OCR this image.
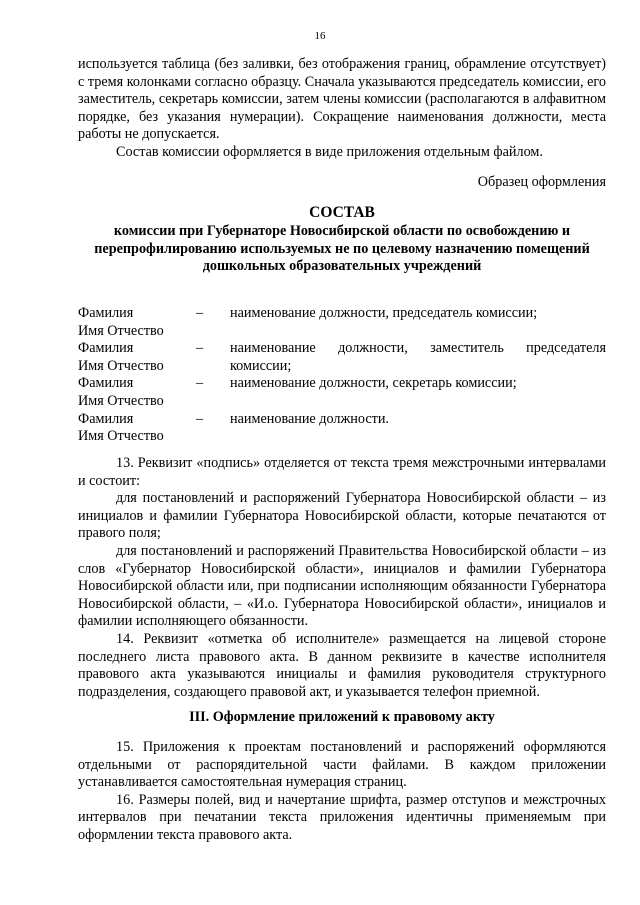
16

используется таблица (без заливки, без отображения границ, обрамление отсутствует) с тремя колонками согласно образцу. Сначала указываются председатель комиссии, его заместитель, секретарь комиссии, затем члены комиссии (располагаются в алфавитном порядке, без указания нумерации). Сокращение наименования должности, места работы не допускается.

Состав комиссии оформляется в виде приложения отдельным файлом.

Образец оформления

СОСТАВ
комиссии при Губернаторе Новосибирской области по освобождению и
перепрофилированию используемых не по целевому назначению помещений
дошкольных образовательных учреждений

Фамилия
Имя Отчество
–	наименование должности, председатель комиссии;
Фамилия
Имя Отчество
–	наименование должности, заместитель председателя комиссии;
Фамилия
Имя Отчество
–	наименование должности, секретарь комиссии;
Фамилия
Имя Отчество
–	наименование должности.

13. Реквизит «подпись» отделяется от текста тремя межстрочными интервалами и состоит:

для постановлений и распоряжений Губернатора Новосибирской области – из инициалов и фамилии Губернатора Новосибирской области, которые печатаются от правого поля;

для постановлений и распоряжений Правительства Новосибирской области – из слов «Губернатор Новосибирской области», инициалов и фамилии Губернатора Новосибирской области или, при подписании исполняющим обязанности Губернатора Новосибирской области, – «И.о. Губернатора Новосибирской области», инициалов и фамилии исполняющего обязанности.

14. Реквизит «отметка об исполнителе» размещается на лицевой стороне последнего листа правового акта. В данном реквизите в качестве исполнителя правового акта указываются инициалы и фамилия руководителя структурного подразделения, создающего правовой акт, и указывается телефон приемной.

III. Оформление приложений к правовому акту

15. Приложения к проектам постановлений и распоряжений оформляются отдельными от распорядительной части файлами. В каждом приложении устанавливается самостоятельная нумерация страниц.

16. Размеры полей, вид и начертание шрифта, размер отступов и межстрочных интервалов при печатании текста приложения идентичны применяемым при оформлении текста правового акта.
